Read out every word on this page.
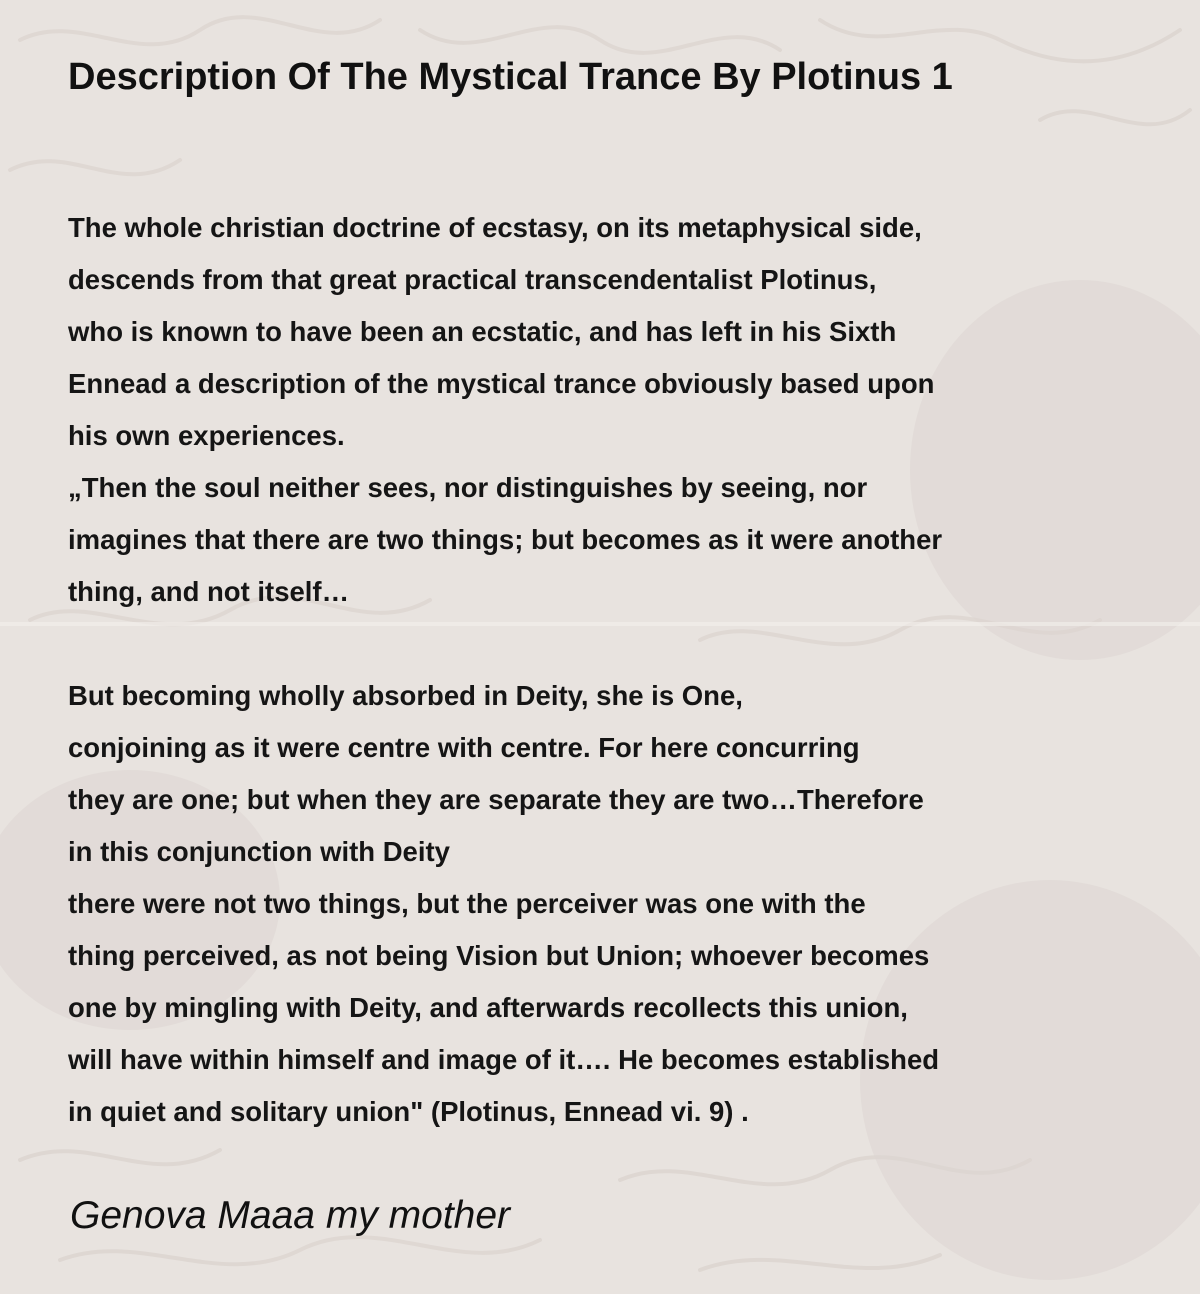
Description Of The Mystical Trance By Plotinus 1
The whole christian doctrine of ecstasy, on its metaphysical side,
descends from that great practical transcendentalist Plotinus,
who is known to have been an ecstatic, and has left in his Sixth
Ennead a description of the mystical trance obviously based upon
his own experiences.
„Then the soul neither sees, nor distinguishes by seeing, nor
imagines that there are two things; but becomes as it were another
thing, and not itself…
But becoming wholly absorbed in Deity, she is One,
conjoining as it were centre with centre. For here concurring
they are one; but when they are separate they are two…Therefore
in this conjunction with Deity
there were not two things, but the perceiver was one with the
thing perceived, as not being Vision but Union; whoever becomes
one by mingling with Deity, and afterwards recollects this union,
will have within himself and image of it…. He becomes established
in quiet and solitary union" (Plotinus, Ennead vi. 9) .

Genova Maaa my mother
